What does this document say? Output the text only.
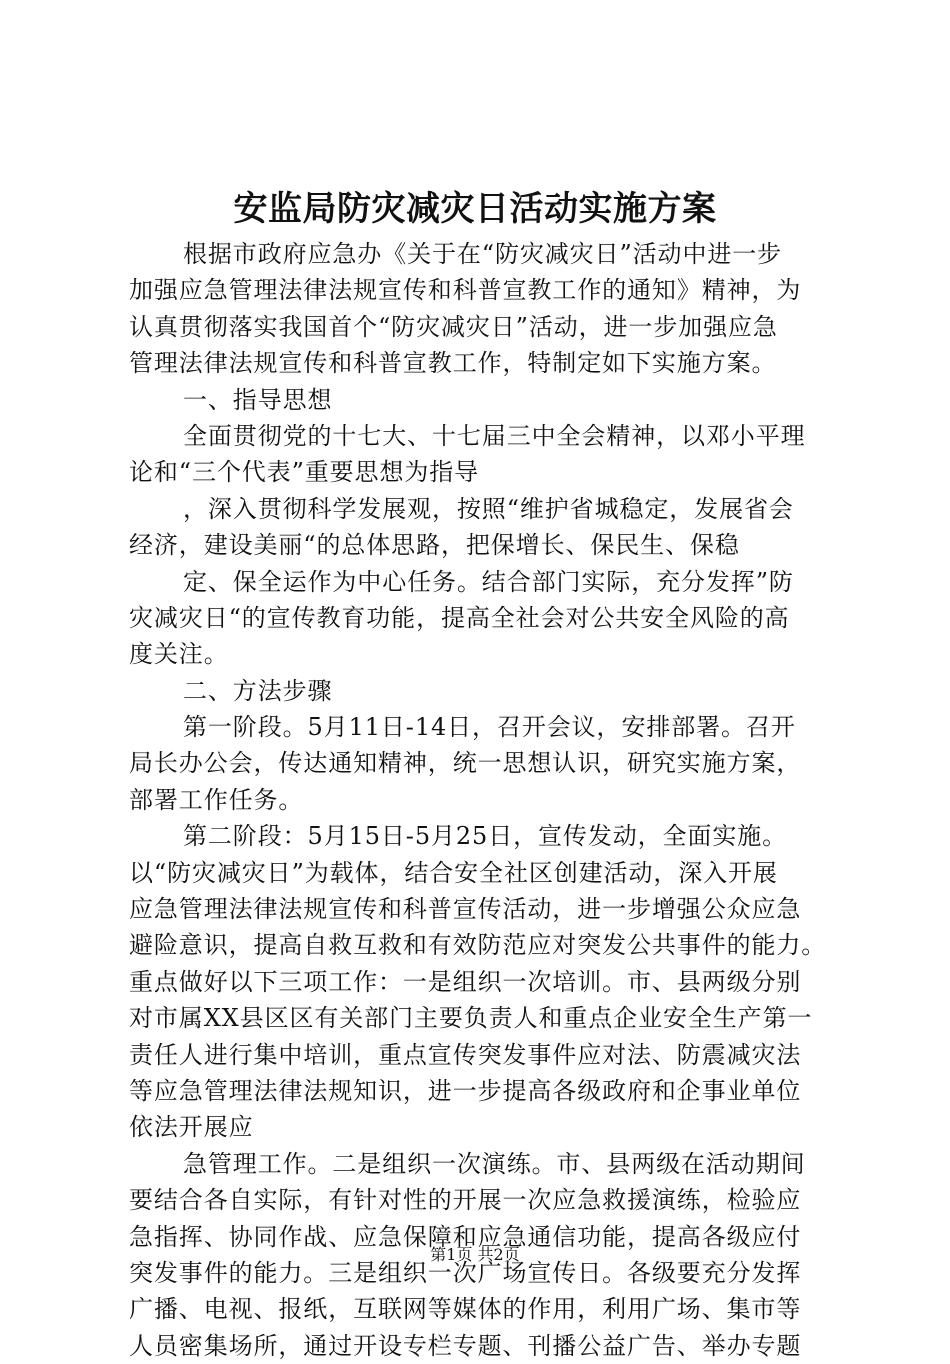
安监局防灾减灾日活动实施方案
根据市政府应急办《关于在“防灾减灾日”活动中进一步
加强应急管理法律法规宣传和科普宣教工作的通知》精神，为
认真贯彻落实我国首个“防灾减灾日”活动，进一步加强应急
管理法律法规宣传和科普宣教工作，特制定如下实施方案。
一、指导思想
全面贯彻党的十七大、十七届三中全会精神，以邓小平理
论和“三个代表”重要思想为指导
，深入贯彻科学发展观，按照“维护省城稳定，发展省会
经济，建设美丽“的总体思路，把保增长、保民生、保稳
定、保全运作为中心任务。结合部门实际，充分发挥”防
灾减灾日“的宣传教育功能，提高全社会对公共安全风险的高
度关注。
二、方法步骤
第一阶段。5月11日-14日，召开会议，安排部署。召开
局长办公会，传达通知精神，统一思想认识，研究实施方案，
部署工作任务。
第二阶段：5月15日-5月25日，宣传发动，全面实施。
以“防灾减灾日”为载体，结合安全社区创建活动，深入开展
应急管理法律法规宣传和科普宣传活动，进一步增强公众应急
避险意识，提高自救互救和有效防范应对突发公共事件的能力。
重点做好以下三项工作：一是组织一次培训。市、县两级分别
对市属XX县区区有关部门主要负责人和重点企业安全生产第一
责任人进行集中培训，重点宣传突发事件应对法、防震减灾法
等应急管理法律法规知识，进一步提高各级政府和企事业单位
依法开展应
急管理工作。二是组织一次演练。市、县两级在活动期间
要结合各自实际，有针对性的开展一次应急救援演练，检验应
急指挥、协同作战、应急保障和应急通信功能，提高各级应付
突发事件的能力。三是组织一次广场宣传日。各级要充分发挥
广播、电视、报纸，互联网等媒体的作用，利用广场、集市等
人员密集场所，通过开设专栏专题、刊播公益广告、举办专题
第1页 共2页
